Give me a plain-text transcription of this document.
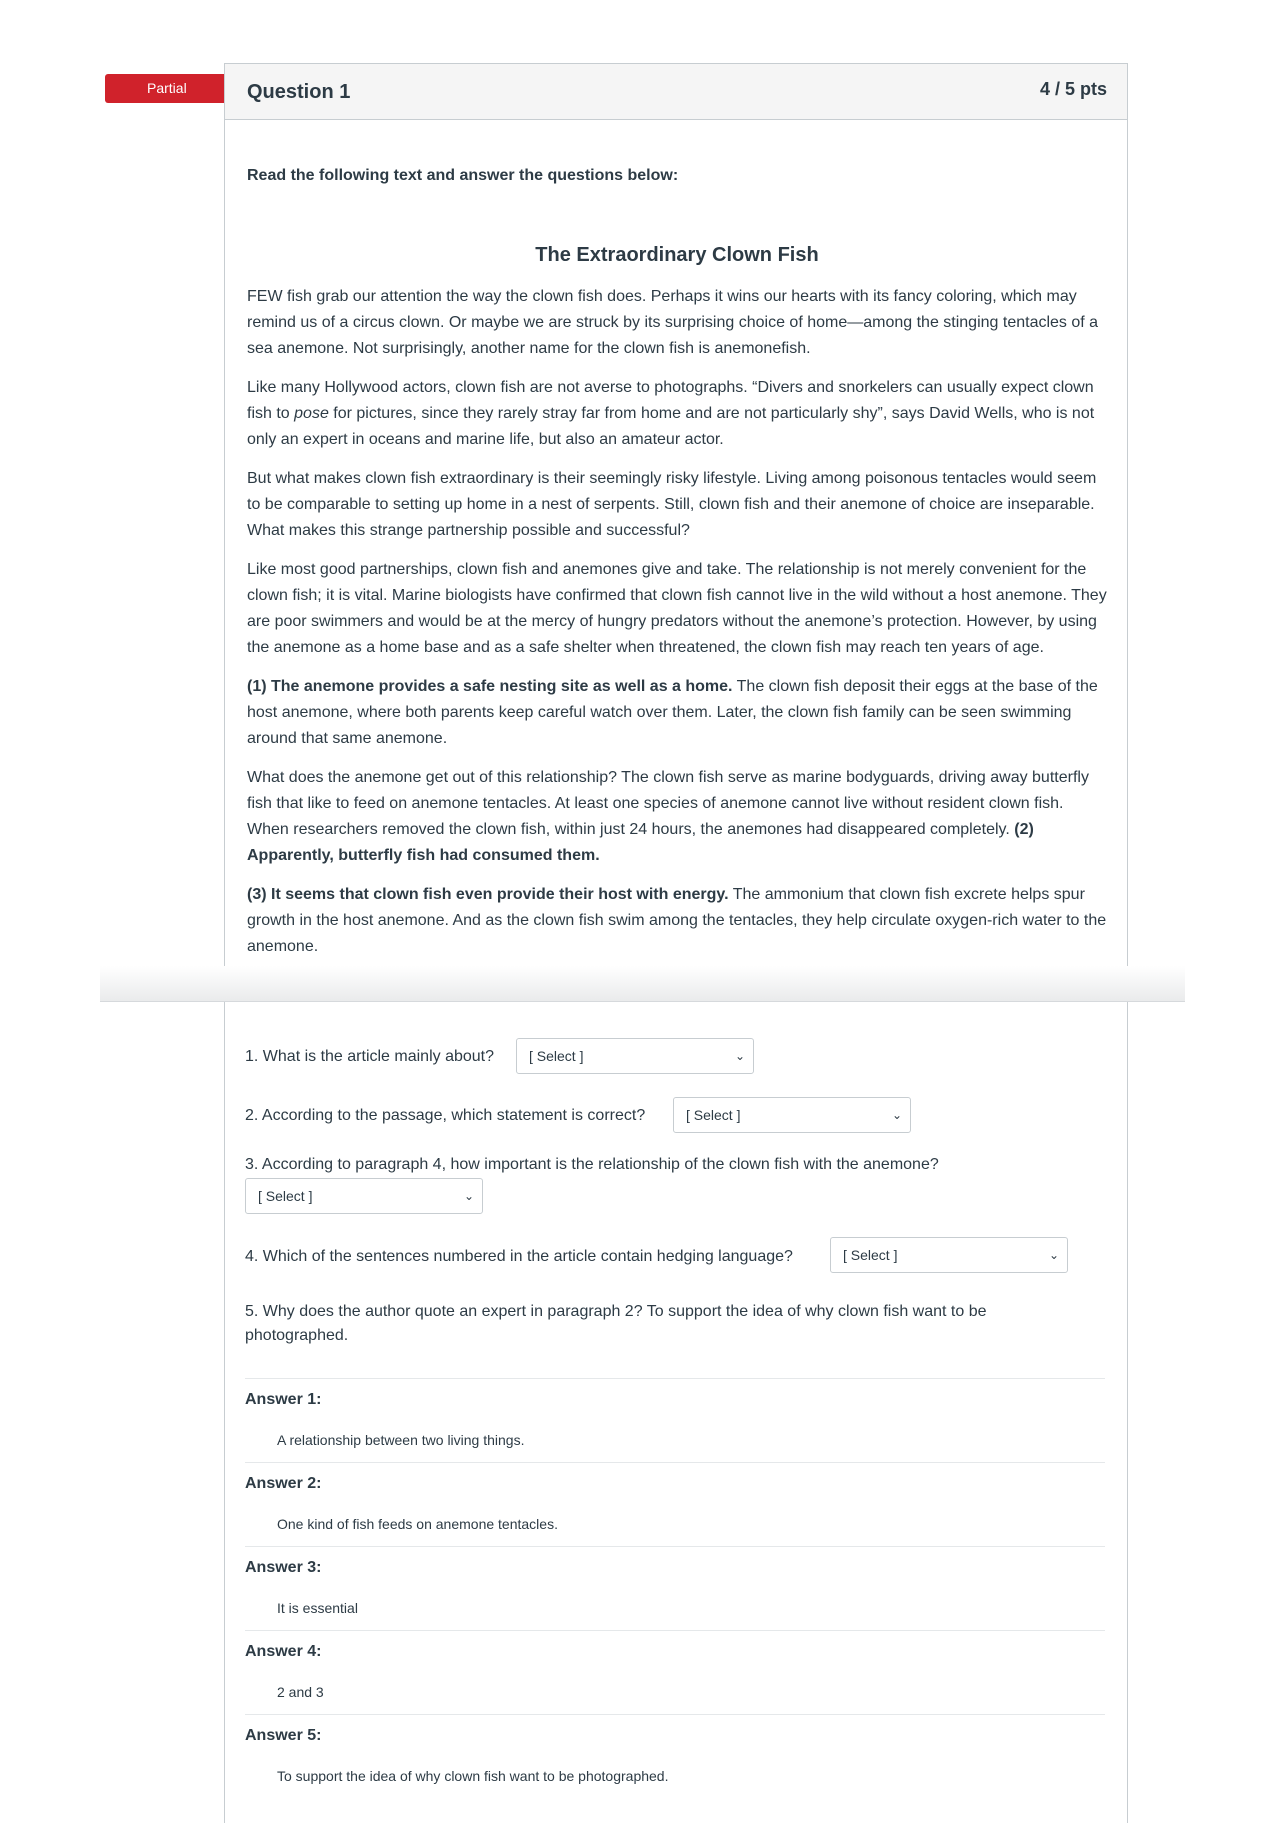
Partial	Question 1	4 / 5 pts
Read the following text and answer the questions below:
The Extraordinary Clown Fish

FEW fish grab our attention the way the clown fish does. Perhaps it wins our hearts with its fancy coloring, which may remind us of a circus clown. Or maybe we are struck by its surprising choice of home—among the stinging tentacles of a sea anemone. Not surprisingly, another name for the clown fish is anemonefish.

Like many Hollywood actors, clown fish are not averse to photographs. “Divers and snorkelers can usually expect clown fish to pose for pictures, since they rarely stray far from home and are not particularly shy”, says David Wells, who is not only an expert in oceans and marine life, but also an amateur actor.

But what makes clown fish extraordinary is their seemingly risky lifestyle. Living among poisonous tentacles would seem to be comparable to setting up home in a nest of serpents. Still, clown fish and their anemone of choice are inseparable. What makes this strange partnership possible and successful?

Like most good partnerships, clown fish and anemones give and take. The relationship is not merely convenient for the clown fish; it is vital. Marine biologists have confirmed that clown fish cannot live in the wild without a host anemone. They are poor swimmers and would be at the mercy of hungry predators without the anemone’s protection. However, by using the anemone as a home base and as a safe shelter when threatened, the clown fish may reach ten years of age.

(1) The anemone provides a safe nesting site as well as a home. The clown fish deposit their eggs at the base of the host anemone, where both parents keep careful watch over them. Later, the clown fish family can be seen swimming around that same anemone.

What does the anemone get out of this relationship? The clown fish serve as marine bodyguards, driving away butterfly fish that like to feed on anemone tentacles. At least one species of anemone cannot live without resident clown fish. When researchers removed the clown fish, within just 24 hours, the anemones had disappeared completely. (2) Apparently, butterfly fish had consumed them.

(3) It seems that clown fish even provide their host with energy. The ammonium that clown fish excrete helps spur growth in the host anemone. And as the clown fish swim among the tentacles, they help circulate oxygen-rich water to the anemone.

1. What is the article mainly about?	[ Select ]	⌄
2. According to the passage, which statement is correct?	[ Select ]	⌄
3. According to paragraph 4, how important is the relationship of the clown fish with the anemone?
[ Select ]	⌄
4. Which of the sentences numbered in the article contain hedging language?	[ Select ]	⌄
5. Why does the author quote an expert in paragraph 2? To support the idea of why clown fish want to be photographed.
Answer 1:
A relationship between two living things.
Answer 2:
One kind of fish feeds on anemone tentacles.
Answer 3:
It is essential
Answer 4:
2 and 3
Answer 5:
To support the idea of why clown fish want to be photographed.
